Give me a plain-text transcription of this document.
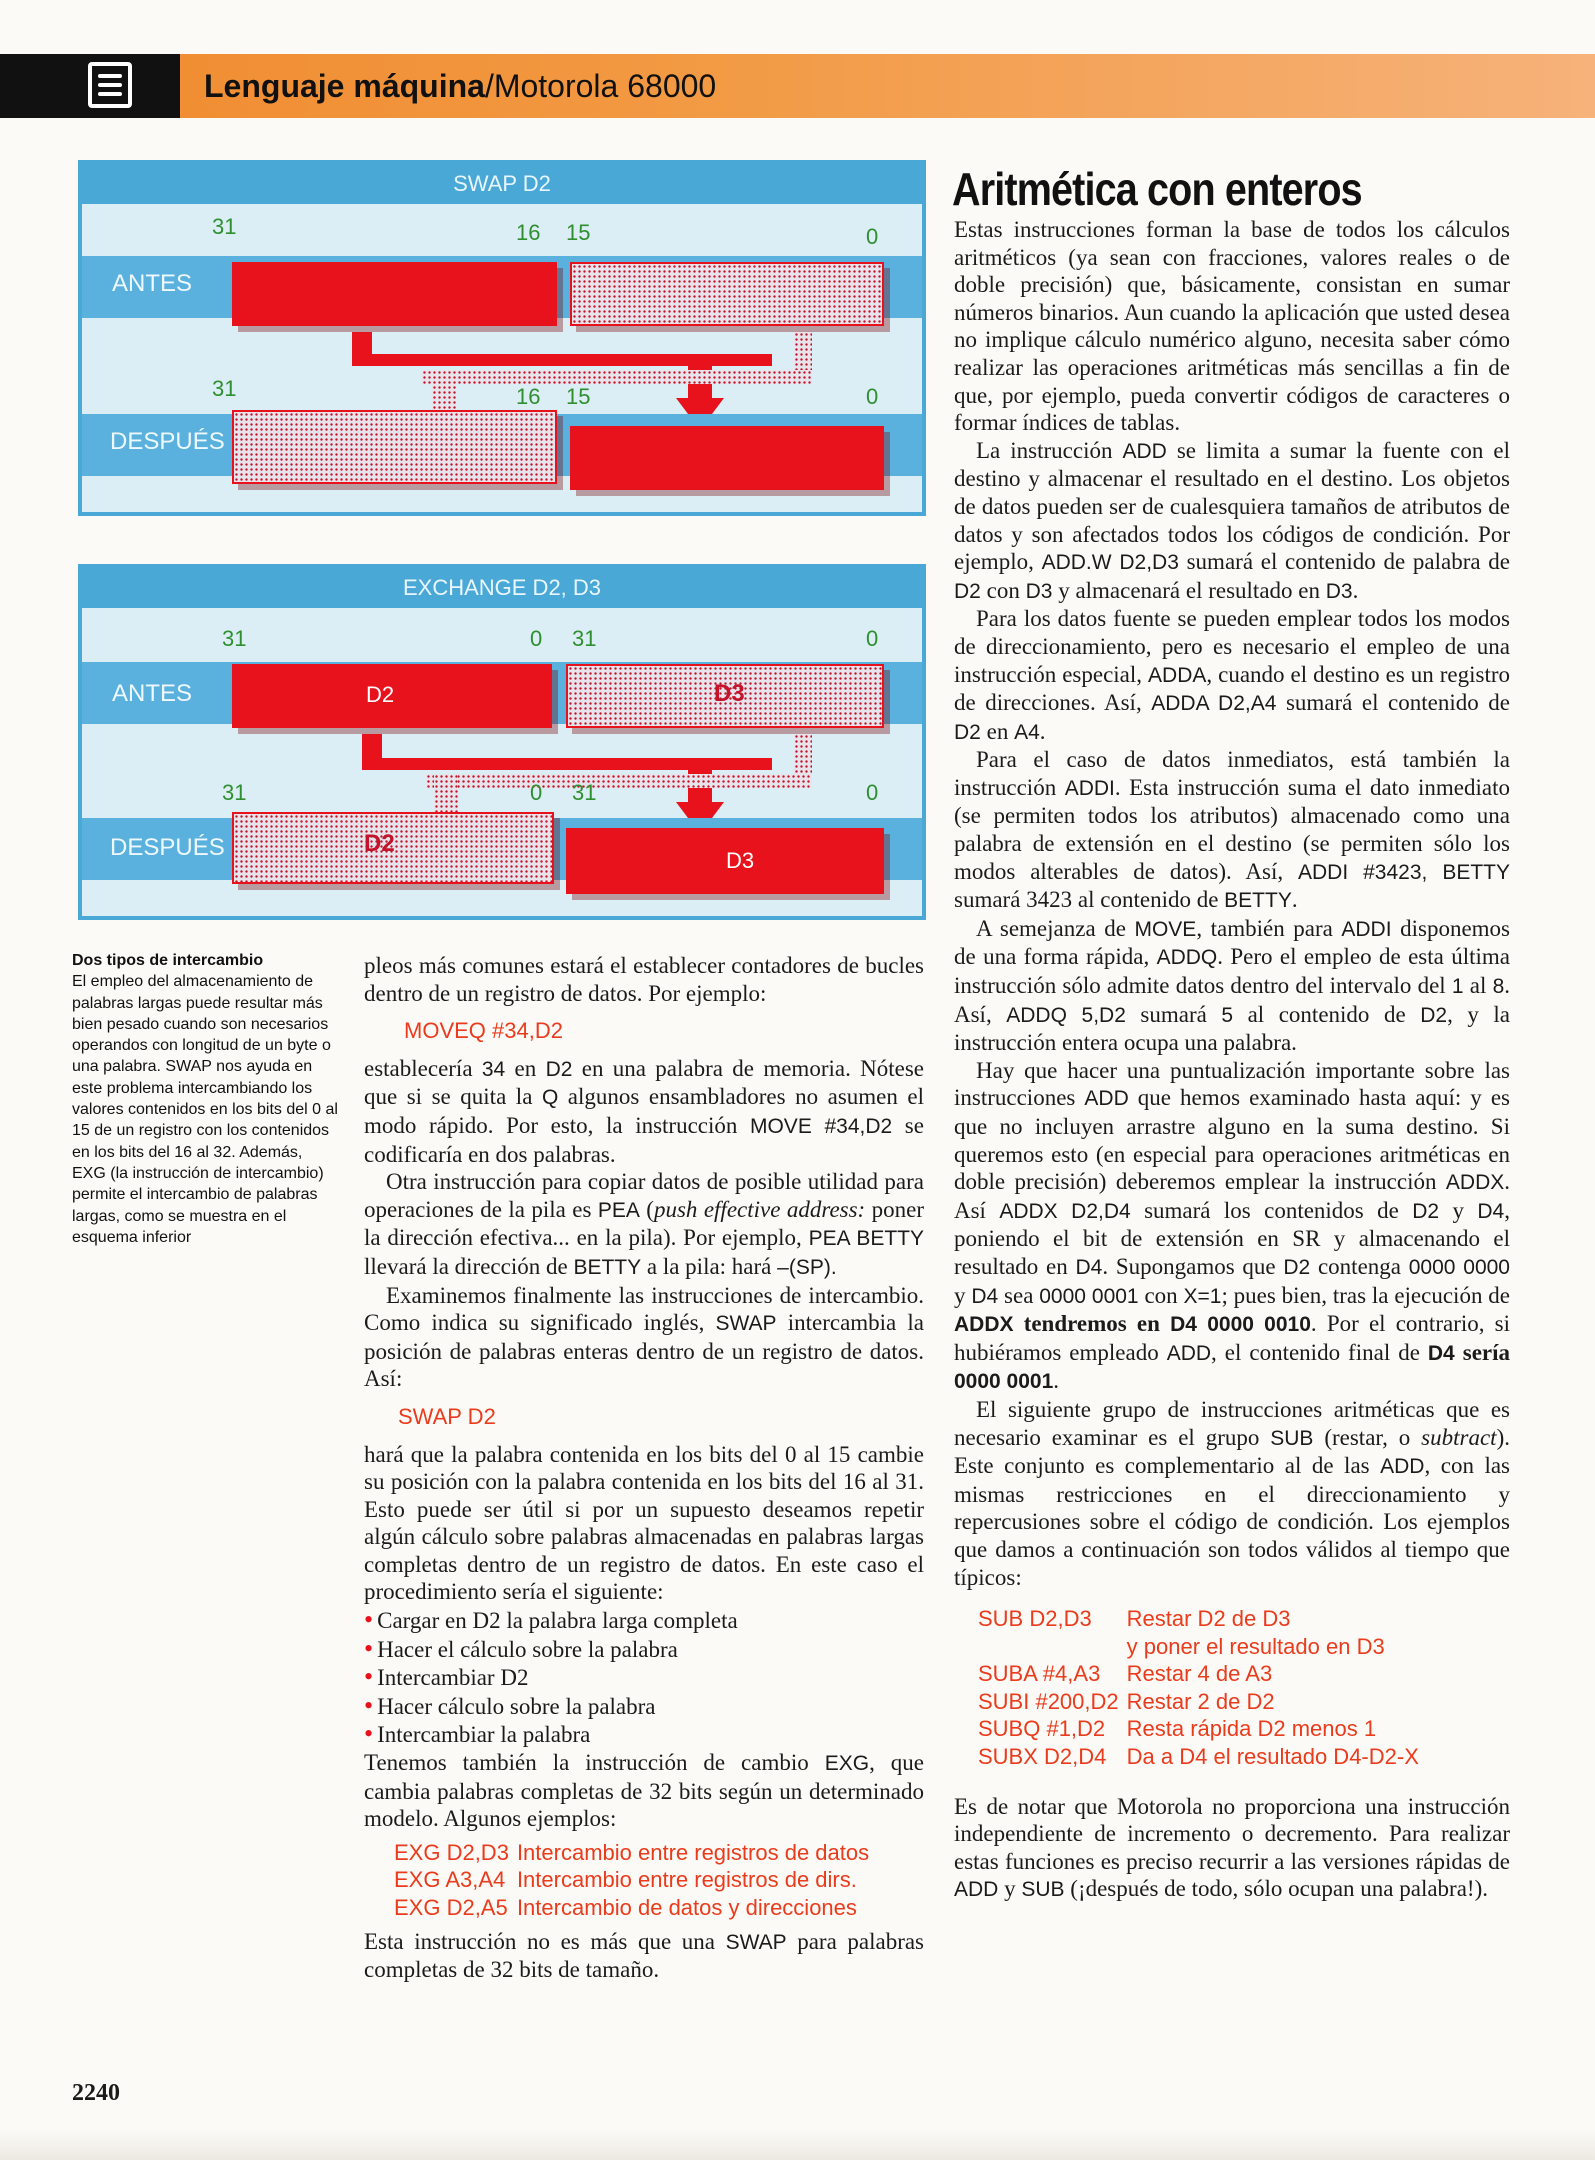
Lenguaje máquina/Motorola 68000
SWAP D2
31	16 15	0
ANTES
31	16 15	0
DESPUÉS
EXCHANGE D2, D3
31	0 31	0
ANTES	D2	D3
31	0 31	0
DESPUÉS	D2
D3
Dos tipos de intercambio
El empleo del almacenamiento de palabras largas puede resultar más bien pesado cuando son necesarios operandos con longitud de un byte o una palabra. SWAP nos ayuda en este problema intercambiando los valores contenidos en los bits del 0 al 15 de un registro con los contenidos en los bits del 16 al 32. Además, EXG (la instrucción de intercambio) permite el intercambio de palabras largas, como se muestra en el esquema inferior

pleos más comunes estará el establecer contadores de bucles dentro de un registro de datos. Por ejemplo:

MOVEQ #34,D2

establecería 34 en D2 en una palabra de memoria. Nótese que si se quita la Q algunos ensambladores no asumen el modo rápido. Por esto, la instrucción MOVE #34,D2 se codificaría en dos palabras.

Otra instrucción para copiar datos de posible utilidad para operaciones de la pila es PEA (push effective address: poner la dirección efectiva... en la pila). Por ejemplo, PEA BETTY llevará la dirección de BETTY a la pila: hará –(SP).

Examinemos finalmente las instrucciones de intercambio. Como indica su significado inglés, SWAP intercambia la posición de palabras enteras dentro de un registro de datos. Así:

SWAP D2

hará que la palabra contenida en los bits del 0 al 15 cambie su posición con la palabra contenida en los bits del 16 al 31. Esto puede ser útil si por un supuesto deseamos repetir algún cálculo sobre palabras almacenadas en palabras largas completas dentro de un registro de datos. En este caso el procedimiento sería el siguiente:

• Cargar en D2 la palabra larga completa

• Hacer el cálculo sobre la palabra

• Intercambiar D2

• Hacer cálculo sobre la palabra

• Intercambiar la palabra

Tenemos también la instrucción de cambio EXG, que cambia palabras completas de 32 bits según un determinado modelo. Algunos ejemplos:

EXG D2,D3	Intercambio entre registros de datos
EXG A3,A4	Intercambio entre registros de dirs.
EXG D2,A5	Intercambio de datos y direcciones

Esta instrucción no es más que una SWAP para palabras completas de 32 bits de tamaño.

Aritmética con enteros

Estas instrucciones forman la base de todos los cálculos aritméticos (ya sean con fracciones, valores reales o de doble precisión) que, básicamente, consistan en sumar números binarios. Aun cuando la aplicación que usted desea no implique cálculo numérico alguno, necesita saber cómo realizar las operaciones aritméticas más sencillas a fin de que, por ejemplo, pueda convertir códigos de caracteres o formar índices de tablas.

La instrucción ADD se limita a sumar la fuente con el destino y almacenar el resultado en el destino. Los objetos de datos pueden ser de cualesquiera tamaños de atributos de datos y son afectados todos los códigos de condición. Por ejemplo, ADD.W D2,D3 sumará el contenido de palabra de D2 con D3 y almacenará el resultado en D3.

Para los datos fuente se pueden emplear todos los modos de direccionamiento, pero es necesario el empleo de una instrucción especial, ADDA, cuando el destino es un registro de direcciones. Así, ADDA D2,A4 sumará el contenido de D2 en A4.

Para el caso de datos inmediatos, está también la instrucción ADDI. Esta instrucción suma el dato inmediato (se permiten todos los atributos) almacenado como una palabra de extensión en el destino (se permiten sólo los modos alterables de datos). Así, ADDI #3423, BETTY sumará 3423 al contenido de BETTY.

A semejanza de MOVE, también para ADDI disponemos de una forma rápida, ADDQ. Pero el empleo de esta última instrucción sólo admite datos dentro del intervalo del 1 al 8. Así, ADDQ 5,D2 sumará 5 al contenido de D2, y la instrucción entera ocupa una palabra.

Hay que hacer una puntualización importante sobre las instrucciones ADD que hemos examinado hasta aquí: y es que no incluyen arrastre alguno en la suma destino. Si queremos esto (en especial para operaciones aritméticas en doble precisión) deberemos emplear la instrucción ADDX. Así ADDX D2,D4 sumará los contenidos de D2 y D4, poniendo el bit de extensión en SR y almacenando el resultado en D4. Supongamos que D2 contenga 0000 0000 y D4 sea 0000 0001 con X=1; pues bien, tras la ejecución de ADDX tendremos en D4 0000 0010. Por el contrario, si hubiéramos empleado ADD, el contenido final de D4 sería 0000 0001.

El siguiente grupo de instrucciones aritméticas que es necesario examinar es el grupo SUB (restar, o subtract). Este conjunto es complementario al de las ADD, con las mismas restricciones en el direccionamiento y repercusiones sobre el código de condición. Los ejemplos que damos a continuación son todos válidos al tiempo que típicos:

SUB D2,D3	Restar D2 de D3
	y poner el resultado en D3
SUBA #4,A3	Restar 4 de A3
SUBI #200,D2	Restar 2 de D2
SUBQ #1,D2	Resta rápida D2 menos 1
SUBX D2,D4	Da a D4 el resultado D4-D2-X

Es de notar que Motorola no proporciona una instrucción independiente de incremento o decremento. Para realizar estas funciones es preciso recurrir a las versiones rápidas de ADD y SUB (¡después de todo, sólo ocupan una palabra!).

2240
